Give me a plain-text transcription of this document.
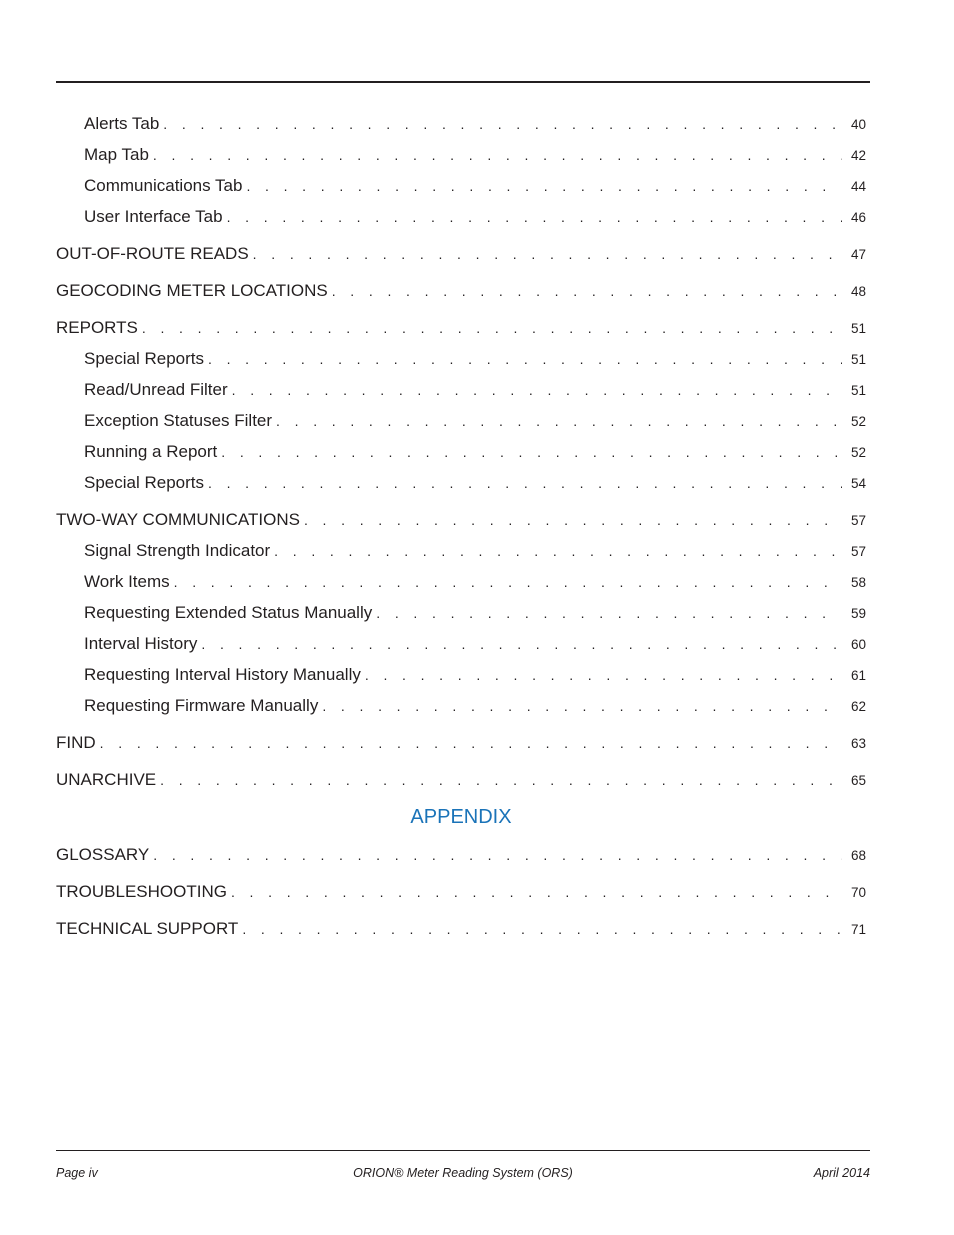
Alerts Tab . . .	40
Map Tab . . .	42
Communications Tab . . .	44
User Interface Tab . . .	46
OUT-OF-ROUTE READS . . .	47
GEOCODING METER LOCATIONS . . .	48
REPORTS . . .	51
Special Reports . . .	51
Read/Unread Filter . . .	51
Exception Statuses Filter . . .	52
Running a Report . . .	52
Special Reports . . .	54
TWO-WAY COMMUNICATIONS . . .	57
Signal Strength Indicator . . .	57
Work Items . . .	58
Requesting Extended Status Manually . . .	59
Interval History . . .	60
Requesting Interval History Manually . . .	61
Requesting Firmware Manually . . .	62
FIND . . .	63
UNARCHIVE . . .	65
APPENDIX
GLOSSARY . . .	68
TROUBLESHOOTING . . .	70
TECHNICAL SUPPORT . . .	71
Page iv	ORION® Meter Reading System (ORS)	April 2014
